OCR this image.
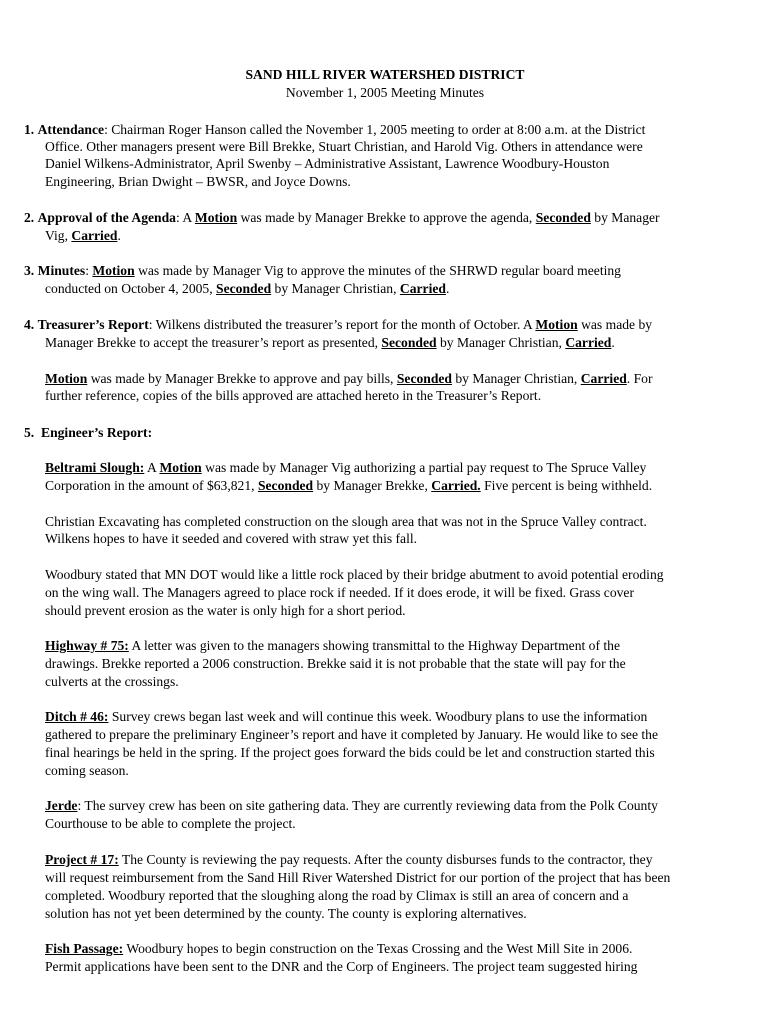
SAND HILL RIVER WATERSHED DISTRICT
November 1, 2005 Meeting Minutes
1. Attendance: Chairman Roger Hanson called the November 1, 2005 meeting to order at 8:00 a.m. at the District
Office. Other managers present were Bill Brekke, Stuart Christian, and Harold Vig. Others in attendance were
Daniel Wilkens-Administrator, April Swenby – Administrative Assistant, Lawrence Woodbury-Houston
Engineering, Brian Dwight – BWSR, and Joyce Downs.
2. Approval of the Agenda: A Motion was made by Manager Brekke to approve the agenda, Seconded by Manager
Vig, Carried.
3. Minutes: Motion was made by Manager Vig to approve the minutes of the SHRWD regular board meeting
conducted on October 4, 2005, Seconded by Manager Christian, Carried.
4. Treasurer’s Report: Wilkens distributed the treasurer’s report for the month of October. A Motion was made by
Manager Brekke to accept the treasurer’s report as presented, Seconded by Manager Christian, Carried.
Motion was made by Manager Brekke to approve and pay bills, Seconded by Manager Christian, Carried. For
further reference, copies of the bills approved are attached hereto in the Treasurer’s Report.
5. Engineer’s Report:
Beltrami Slough: A Motion was made by Manager Vig authorizing a partial pay request to The Spruce Valley
Corporation in the amount of $63,821, Seconded by Manager Brekke, Carried. Five percent is being withheld.
Christian Excavating has completed construction on the slough area that was not in the Spruce Valley contract.
Wilkens hopes to have it seeded and covered with straw yet this fall.
Woodbury stated that MN DOT would like a little rock placed by their bridge abutment to avoid potential eroding
on the wing wall. The Managers agreed to place rock if needed. If it does erode, it will be fixed. Grass cover
should prevent erosion as the water is only high for a short period.
Highway # 75: A letter was given to the managers showing transmittal to the Highway Department of the
drawings. Brekke reported a 2006 construction. Brekke said it is not probable that the state will pay for the
culverts at the crossings.
Ditch # 46: Survey crews began last week and will continue this week. Woodbury plans to use the information
gathered to prepare the preliminary Engineer’s report and have it completed by January. He would like to see the
final hearings be held in the spring. If the project goes forward the bids could be let and construction started this
coming season.
Jerde: The survey crew has been on site gathering data. They are currently reviewing data from the Polk County
Courthouse to be able to complete the project.
Project # 17: The County is reviewing the pay requests. After the county disburses funds to the contractor, they
will request reimbursement from the Sand Hill River Watershed District for our portion of the project that has been
completed. Woodbury reported that the sloughing along the road by Climax is still an area of concern and a
solution has not yet been determined by the county. The county is exploring alternatives.
Fish Passage: Woodbury hopes to begin construction on the Texas Crossing and the West Mill Site in 2006.
Permit applications have been sent to the DNR and the Corp of Engineers. The project team suggested hiring
